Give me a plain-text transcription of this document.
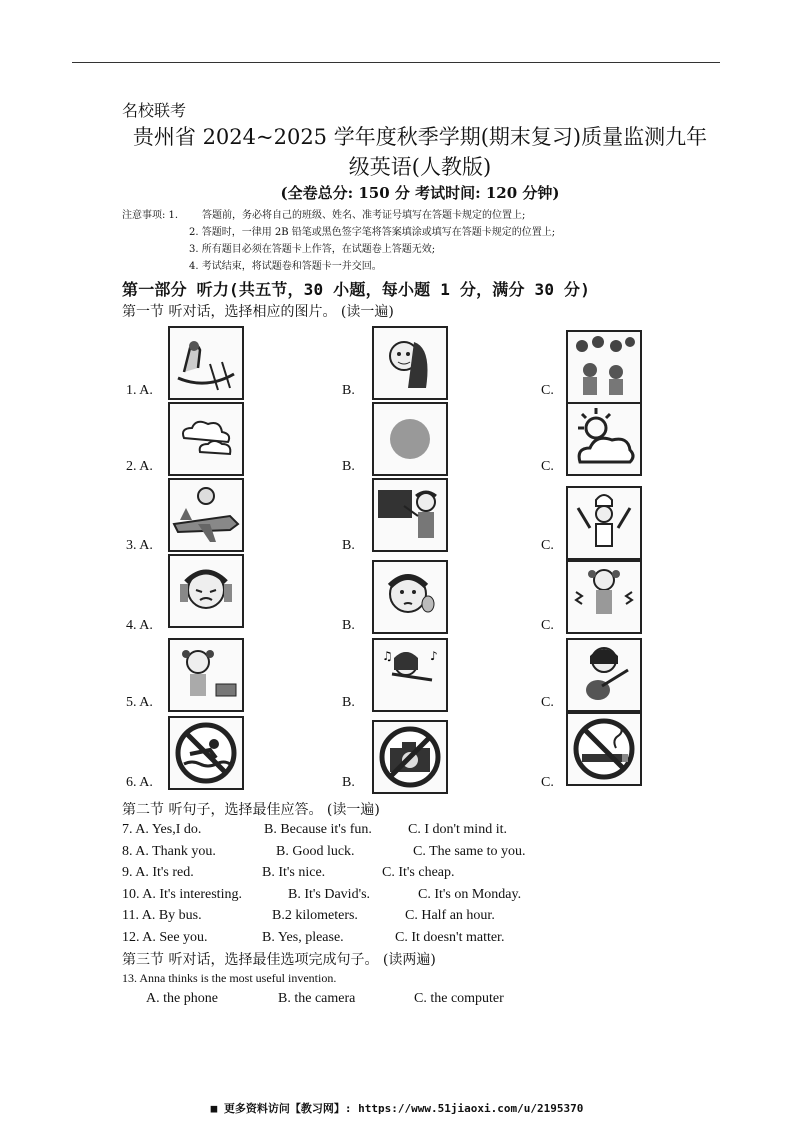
名校联考
贵州省 2024~2025 学年度秋季学期(期末复习)质量监测九年
级英语(人教版)
(全卷总分: 150 分 考试时间: 120 分钟)
注意事项: 1. 答题前，务必将自己的班级、姓名、准考证号填写在答题卡规定的位置上;
2. 答题时，一律用 2B 铅笔或黑色签字笔将答案填涂或填写在答题卡规定的位置上;
3. 所有题目必须在答题卡上作答，在试题卷上答题无效;
4. 考试结束，将试题卷和答题卡一并交回。
第一部分 听力(共五节，30 小题，每小题 1 分，满分 30 分)
第一节 听对话，选择相应的图片。 (读一遍)
1. A.	B.	C.
2. A.	B.	C.
3. A.	B.	C.
4. A.	B.	C.
5. A.	B.	C.
6. A.	B.	C.
♪
♫
第二节 听句子，选择最佳应答。 (读一遍)
7. A. Yes,I do.	B. Because it's fun.	C. I don't mind it.
8. A. Thank you.	B. Good luck.	C. The same to you.
9. A. It's red.	B. It's nice.	C. It's cheap.
10. A. It's interesting.	B. It's David's.	C. It's on Monday.
11. A. By bus.	B.2 kilometers.	C. Half an hour.
12. A. See you.	B. Yes, please.	C. It doesn't matter.
第三节 听对话，选择最佳选项完成句子。 (读两遍)
13. Anna thinks is the most useful invention.
A. the phone	B. the camera	C. the computer
■ 更多资料访问【教习网】: https://www.51jiaoxi.com/u/2195370
